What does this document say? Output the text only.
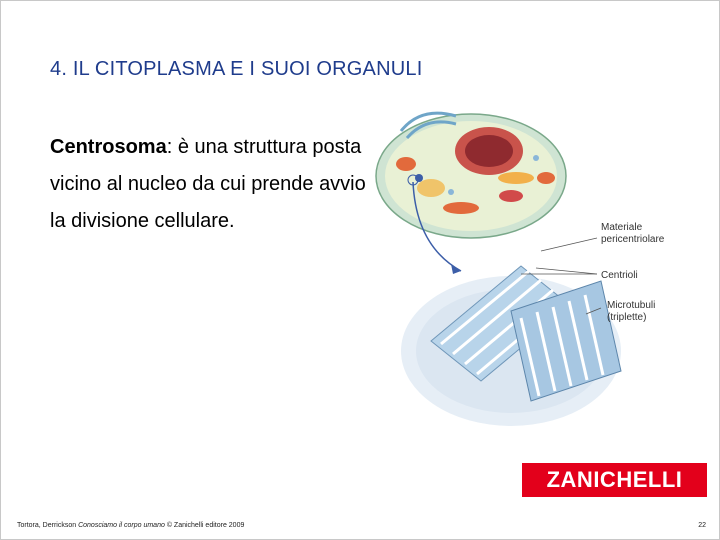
4. IL CITOPLASMA E I SUOI ORGANULI
Centrosoma: è una struttura posta vicino al nucleo da cui prende avvio la divisione cellulare.	Materiale
pericentriolare
Centrioli
Microtubuli
(triplette)
ZANICHELLI
Tortora, Derrickson Conosciamo il corpo umano © Zanichelli editore 2009	22
